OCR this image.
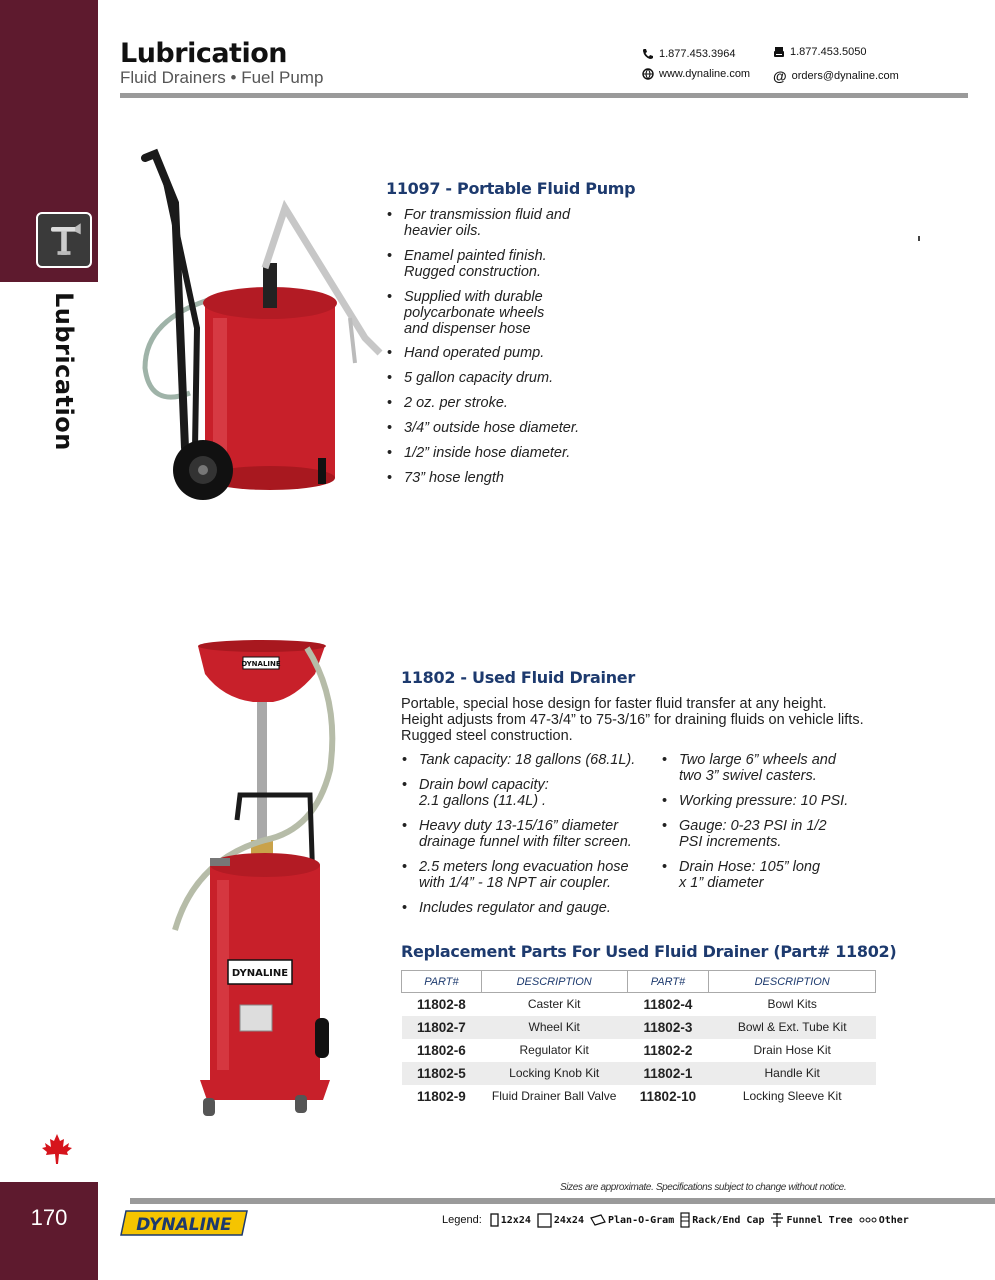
Lubrication
170
Lubrication
Fluid Drainers • Fuel Pump
1.877.453.3964	1.877.453.5050
www.dynaline.com @ orders@dynaline.com
11097 - Portable Fluid Pump
• For transmission fluid and
heavier oils.
• Enamel painted finish.
Rugged construction.
• Supplied with durable
polycarbonate wheels
and dispenser hose
• Hand operated pump.
• 5 gallon capacity drum.
• 2 oz. per stroke.
• 3/4” outside hose diameter.
• 1/2” inside hose diameter.
• 73” hose length
DYNALINE
DYNALINE
11802 - Used Fluid Drainer
Portable, special hose design for faster fluid transfer at any height.
Height adjusts from 47-3/4” to 75-3/16” for draining fluids on vehicle lifts.
Rugged steel construction.
• Tank capacity: 18 gallons (68.1L).
• Drain bowl capacity:
2.1 gallons (11.4L) .
• Heavy duty 13-15/16” diameter
drainage funnel with filter screen.
• 2.5 meters long evacuation hose
with 1/4” - 18 NPT air coupler.
• Includes regulator and gauge.
• Two large 6” wheels and
two 3” swivel casters.
• Working pressure: 10 PSI.
• Gauge: 0-23 PSI in 1/2
PSI increments.
• Drain Hose: 105” long
x 1” diameter
Replacement Parts For Used Fluid Drainer (Part# 11802)
PART#	DESCRIPTION	PART#	DESCRIPTION
11802-8	Caster Kit	11802-4	Bowl Kits
11802-7	Wheel Kit	11802-3	Bowl & Ext. Tube Kit
11802-6	Regulator Kit	11802-2	Drain Hose Kit
11802-5	Locking Knob Kit	11802-1	Handle Kit
11802-9	Fluid Drainer Ball Valve	11802-10	Locking Sleeve Kit
Sizes are approximate. Specifications subject to change without notice.
DYNALINE	Legend: 12x24 24x24 Plan-O-Gram Rack/End Cap Funnel Tree	Other
